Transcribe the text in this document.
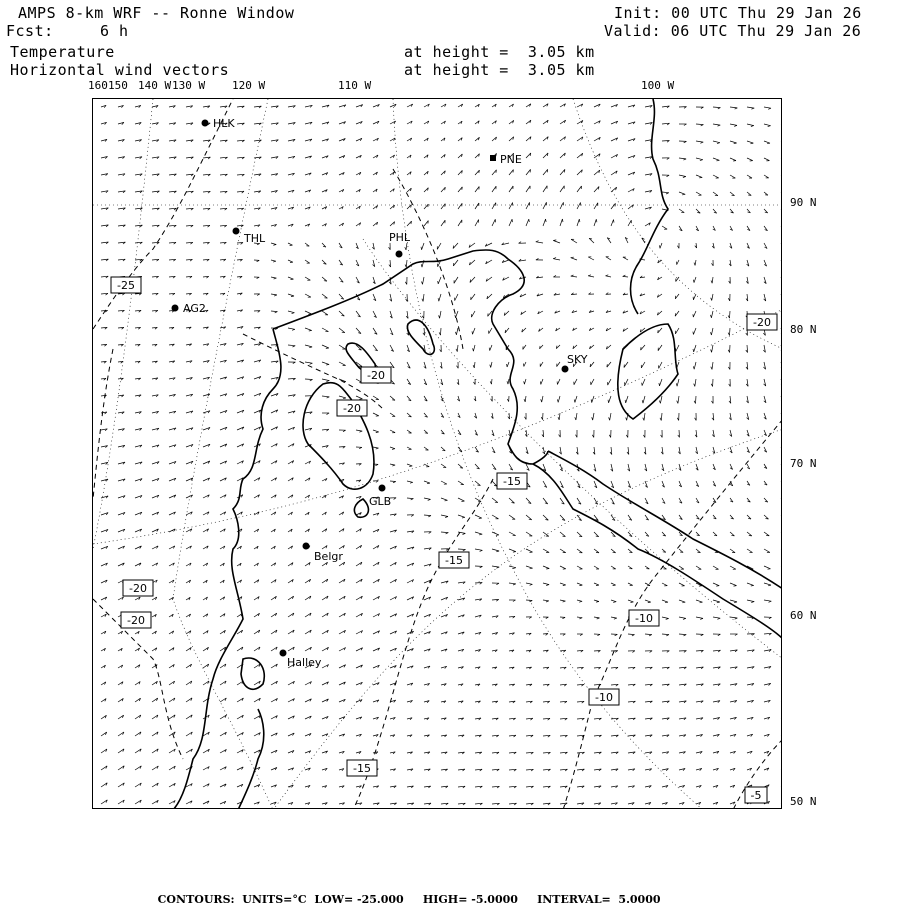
AMPS 8-km WRF -- Ronne Window
Fcst:	6 h
Init: 00 UTC Thu 29 Jan 26
Valid: 06 UTC Thu 29 Jan 26
Temperature
Horizontal wind vectors
at height =  3.05 km
at height =  3.05 km
160 150 140 W 130 W 120 W	110 W	100 W
90 N
80 N
70 N
60 N
50 N
HLK
PNE
THL	PHL
AG2
SKY
GLB
Belgr
Halley
-25
-20
-20
-20
-20
-20
-15
-15
-15
-10
-10
-5

CONTOURS: UNITS=°C LOW= -25.000 HIGH= -5.0000 INTERVAL=  5.0000
